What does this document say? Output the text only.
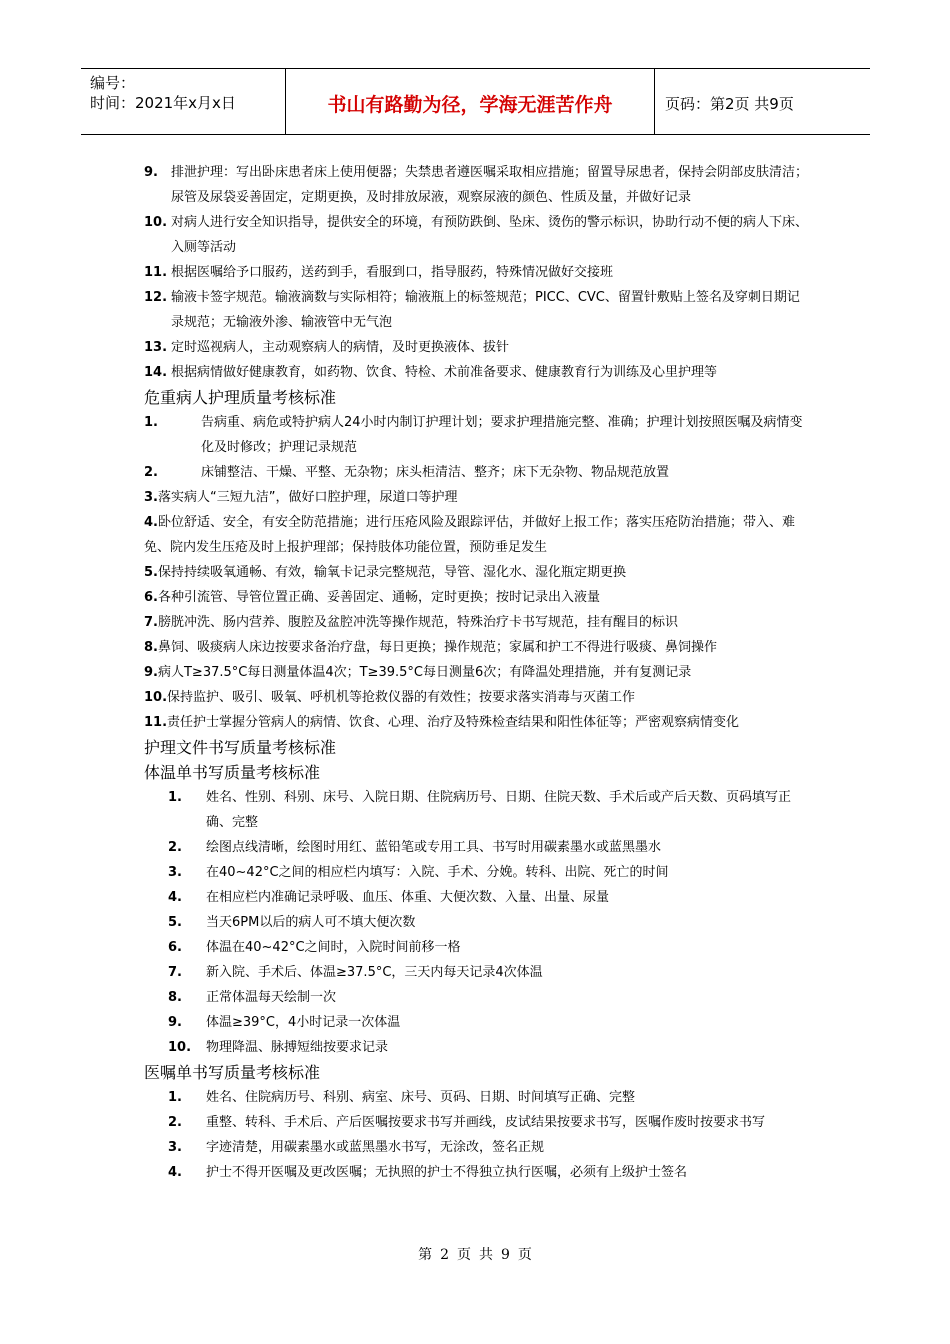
编号：
时间：2021年x月x日	书山有路勤为径，学海无涯苦作舟	页码：第2页 共9页
9.	排泄护理：写出卧床患者床上使用便器；失禁患者遵医嘱采取相应措施；留置导尿患者，保持会阴部皮肤清洁；尿管及尿袋妥善固定，定期更换，及时排放尿液，观察尿液的颜色、性质及量，并做好记录
10. 对病人进行安全知识指导，提供安全的环境，有预防跌倒、坠床、烫伤的警示标识，协助行动不便的病人下床、入厕等活动
11. 根据医嘱给予口服药，送药到手，看服到口，指导服药，特殊情况做好交接班
12. 输液卡签字规范。输液滴数与实际相符；输液瓶上的标签规范；PICC、CVC、留置针敷贴上签名及穿刺日期记录规范；无输液外渗、输液管中无气泡
13. 定时巡视病人，主动观察病人的病情，及时更换液体、拔针
14. 根据病情做好健康教育，如药物、饮食、特检、术前准备要求、健康教育行为训练及心里护理等
危重病人护理质量考核标准
1.	告病重、病危或特护病人24小时内制订护理计划；要求护理措施完整、准确；护理计划按照医嘱及病情变化及时修改；护理记录规范
2.	床铺整洁、干燥、平整、无杂物；床头柜清洁、整齐；床下无杂物、物品规范放置
3.落实病人“三短九洁”，做好口腔护理，尿道口等护理
4.卧位舒适、安全，有安全防范措施；进行压疮风险及跟踪评估，并做好上报工作；落实压疮防治措施；带入、难免、院内发生压疮及时上报护理部；保持肢体功能位置，预防垂足发生
5.保持持续吸氧通畅、有效，输氧卡记录完整规范，导管、湿化水、湿化瓶定期更换
6.各种引流管、导管位置正确、妥善固定、通畅，定时更换；按时记录出入液量
7.膀胱冲洗、肠内营养、腹腔及盆腔冲洗等操作规范，特殊治疗卡书写规范，挂有醒目的标识
8.鼻饲、吸痰病人床边按要求备治疗盘，每日更换；操作规范；家属和护工不得进行吸痰、鼻饲操作
9.病人T≥37.5°C每日测量体温4次；T≥39.5°C每日测量6次；有降温处理措施，并有复测记录
10.保持监护、吸引、吸氧、呼机机等抢救仪器的有效性；按要求落实消毒与灭菌工作
11.责任护士掌握分管病人的病情、饮食、心理、治疗及特殊检查结果和阳性体征等；严密观察病情变化
护理文件书写质量考核标准
体温单书写质量考核标准
1.	姓名、性别、科别、床号、入院日期、住院病历号、日期、住院天数、手术后或产后天数、页码填写正确、完整
2.	绘图点线清晰，绘图时用红、蓝铅笔或专用工具、书写时用碳素墨水或蓝黑墨水
3.	在40~42°C之间的相应栏内填写：入院、手术、分娩。转科、出院、死亡的时间
4.	在相应栏内准确记录呼吸、血压、体重、大便次数、入量、出量、尿量
5.	当天6PM以后的病人可不填大便次数
6.	体温在40~42°C之间时，入院时间前移一格
7.	新入院、手术后、体温≥37.5°C，三天内每天记录4次体温
8.	正常体温每天绘制一次
9.	体温≥39°C，4小时记录一次体温
10.	物理降温、脉搏短绌按要求记录
医嘱单书写质量考核标准
1.	姓名、住院病历号、科别、病室、床号、页码、日期、时间填写正确、完整
2.	重整、转科、手术后、产后医嘱按要求书写并画线，皮试结果按要求书写，医嘱作废时按要求书写
3.	字迹清楚，用碳素墨水或蓝黑墨水书写，无涂改，签名正规
4.	护士不得开医嘱及更改医嘱；无执照的护士不得独立执行医嘱，必须有上级护士签名
第 2 页 共 9 页
